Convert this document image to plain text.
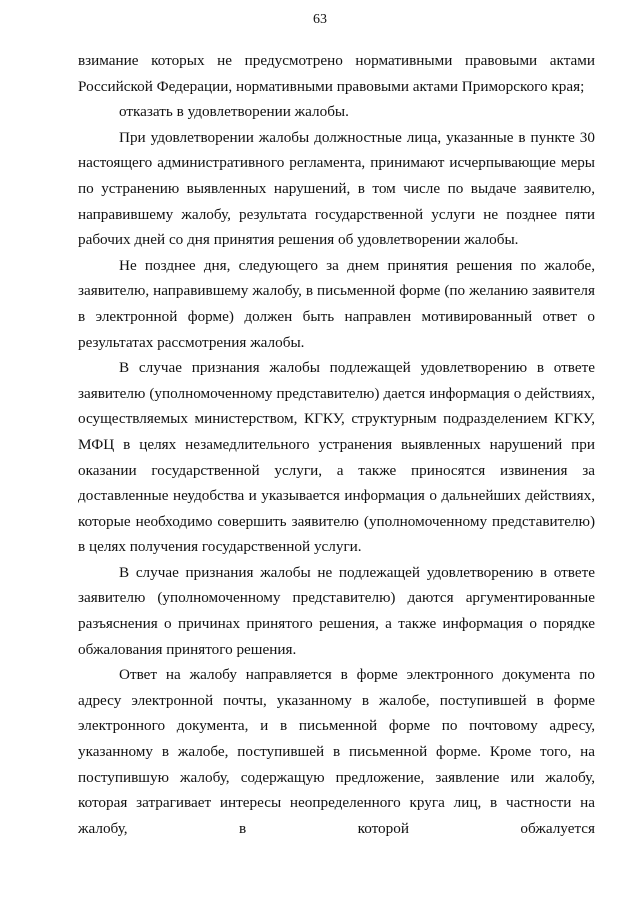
63

взимание которых не предусмотрено нормативными правовыми актами Российской Федерации, нормативными правовыми актами Приморского края;

отказать в удовлетворении жалобы.

При удовлетворении жалобы должностные лица, указанные в пункте 30 настоящего административного регламента, принимают исчерпывающие меры по устранению выявленных нарушений, в том числе по выдаче заявителю, направившему жалобу, результата государственной услуги не позднее пяти рабочих дней со дня принятия решения об удовлетворении жалобы.

Не позднее дня, следующего за днем принятия решения по жалобе, заявителю, направившему жалобу, в письменной форме (по желанию заявителя в электронной форме) должен быть направлен мотивированный ответ о результатах рассмотрения жалобы.

В случае признания жалобы подлежащей удовлетворению в ответе заявителю (уполномоченному представителю) дается информация о действиях, осуществляемых министерством, КГКУ, структурным подразделением КГКУ, МФЦ в целях незамедлительного устранения выявленных нарушений при оказании государственной услуги, а также приносятся извинения за доставленные неудобства и указывается информация о дальнейших действиях, которые необходимо совершить заявителю (уполномоченному представителю) в целях получения государственной услуги.

В случае признания жалобы не подлежащей удовлетворению в ответе заявителю (уполномоченному представителю) даются аргументированные разъяснения о причинах принятого решения, а также информация о порядке обжалования принятого решения.

Ответ на жалобу направляется в форме электронного документа по адресу электронной почты, указанному в жалобе, поступившей в форме электронного документа, и в письменной форме по почтовому адресу, указанному в жалобе, поступившей в письменной форме. Кроме того, на поступившую жалобу, содержащую предложение, заявление или жалобу, которая затрагивает интересы неопределенного круга лиц, в частности на жалобу, в которой обжалуется
